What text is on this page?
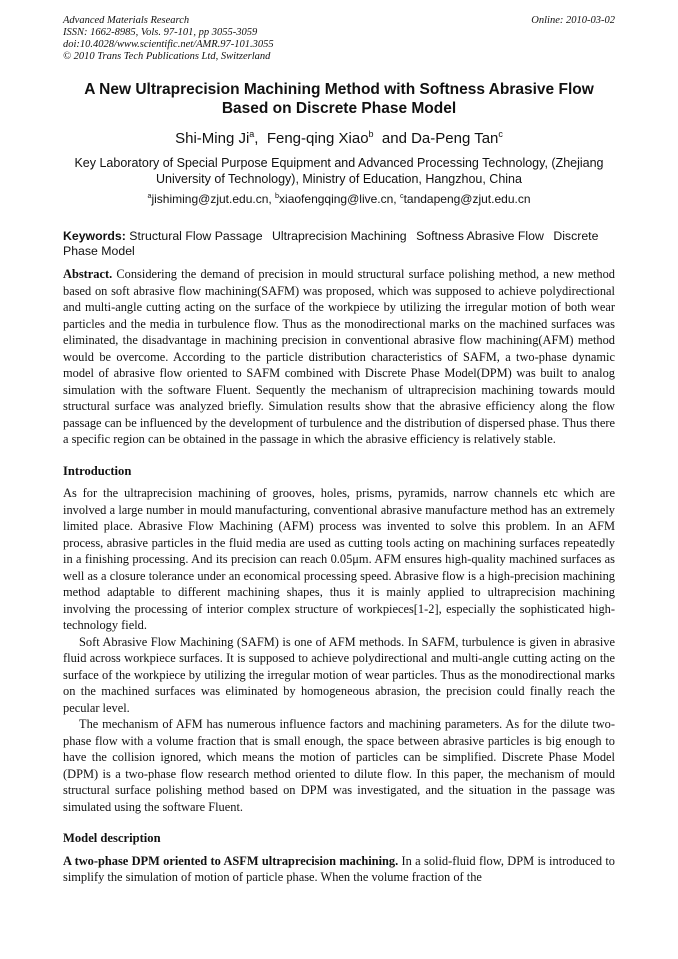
Advanced Materials Research
ISSN: 1662-8985, Vols. 97-101, pp 3055-3059
doi:10.4028/www.scientific.net/AMR.97-101.3055
© 2010 Trans Tech Publications Ltd, Switzerland
Online: 2010-03-02
A New Ultraprecision Machining Method with Softness Abrasive Flow Based on Discrete Phase Model
Shi-Ming Ji$^a$,  Feng-qing Xiao$^b$  and Da-Peng Tan$^c$
Key Laboratory of Special Purpose Equipment and Advanced Processing Technology, (Zhejiang University of Technology), Ministry of Education, Hangzhou, China
$^a$jishiming@zjut.edu.cn, $^b$xiaofengqing@live.cn, $^c$tandapeng@zjut.edu.cn
Keywords: Structural Flow Passage Ultraprecision Machining Softness Abrasive Flow Discrete Phase Model

Abstract. Considering the demand of precision in mould structural surface polishing method, a new method based on soft abrasive flow machining(SAFM) was proposed, which was supposed to achieve polydirectional and multi-angle cutting acting on the surface of the workpiece by utilizing the irregular motion of both wear particles and the media in turbulence flow. Thus as the monodirectional marks on the machined surfaces was eliminated, the disadvantage in machining precision in conventional abrasive flow machining(AFM) method would be overcome. According to the particle distribution characteristics of SAFM, a two-phase dynamic model of abrasive flow oriented to SAFM combined with Discrete Phase Model(DPM) was built to analog simulation with the software Fluent. Sequently the mechanism of ultraprecision machining towards mould structural surface was analyzed briefly. Simulation results show that the abrasive efficiency along the flow passage can be influenced by the development of turbulence and the distribution of dispersed phase. Thus there a specific region can be obtained in the passage in which the abrasive efficiency is relatively stable.

Introduction

As for the ultraprecision machining of grooves, holes, prisms, pyramids, narrow channels etc which are involved a large number in mould manufacturing, conventional abrasive manufacture method has an extremely limited place. Abrasive Flow Machining (AFM) process was invented to solve this problem. In an AFM process, abrasive particles in the fluid media are used as cutting tools acting on machining surfaces repeatedly in a finishing processing. And its precision can reach 0.05μm. AFM ensures high-quality machined surfaces as well as a closure tolerance under an economical processing speed. Abrasive flow is a high-precision machining method adaptable to different machining shapes, thus it is mainly applied to ultraprecision machining involving the processing of interior complex structure of workpieces[1-2], especially the sophisticated high-technology field.

Soft Abrasive Flow Machining (SAFM) is one of AFM methods. In SAFM, turbulence is given in abrasive fluid across workpiece surfaces. It is supposed to achieve polydirectional and multi-angle cutting acting on the surface of the workpiece by utilizing the irregular motion of wear particles. Thus as the monodirectional marks on the machined surfaces was eliminated by homogeneous abrasion, the precision could finally reach the pecular level.

The mechanism of AFM has numerous influence factors and machining parameters. As for the dilute two-phase flow with a volume fraction that is small enough, the space between abrasive particles is big enough to have the collision ignored, which means the motion of particles can be simplified. Discrete Phase Model (DPM) is a two-phase flow research method oriented to dilute flow. In this paper, the mechanism of mould structural surface polishing method based on DPM was investigated, and the situation in the passage was simulated using the software Fluent.

Model description

A two-phase DPM oriented to ASFM ultraprecision machining. In a solid-fluid flow, DPM is introduced to simplify the simulation of motion of particle phase. When the volume fraction of the
